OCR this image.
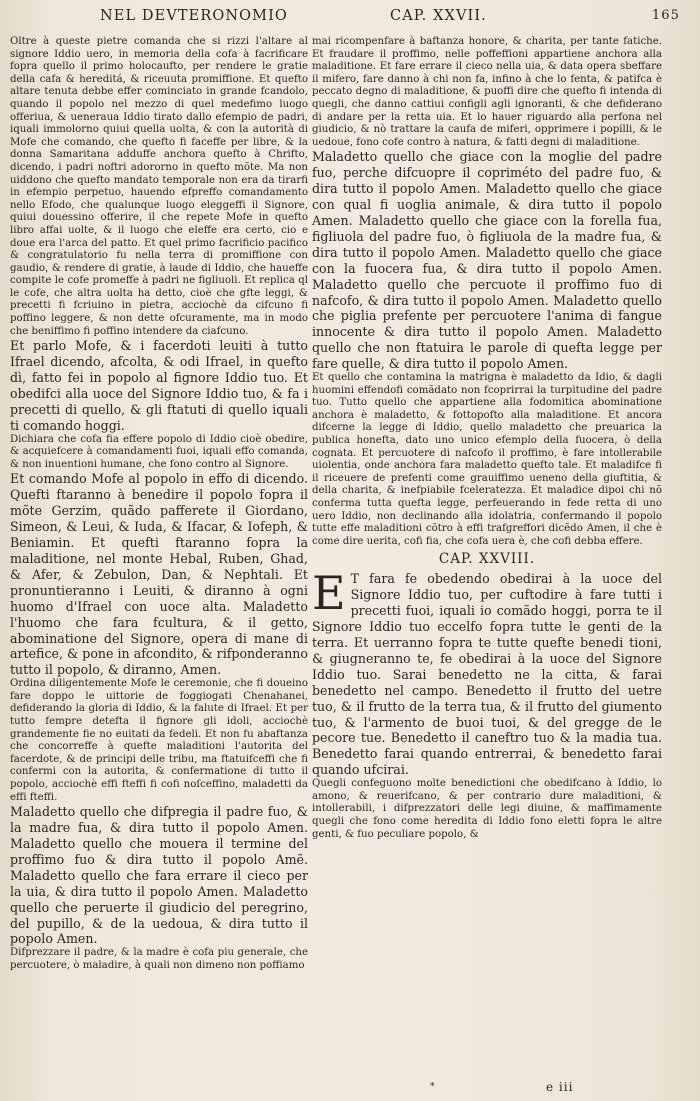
NEL DEVTERONOMIO	CAP. XXVII.	165

Oltre à queste pietre comanda che si rizzi l'altare al signore Iddio uero, in memoria della cofa à facrificare fopra quello il primo holocaufto, per rendere le gratie della cafa & hereditá, & riceuuta promiffione. Et quefto altare tenuta debbe effer cominciato in grande fcandolo, quando il popolo nel mezzo di quel medefimo luogo offeriua, & ueneraua Iddio tirato dallo efempio de padri, iquali immolorno quiui quella uolta, & con la autorità di Mofe che comando, che quefto fi faceffe per libre, & la donna Samaritana adduffe anchora quefto à Chrifto, dicendo, i padri noftri adororno in quefto mõte. Ma non uiddono che quefto mandato temporale non era da tirarfi in efempio perpetuo, hauendo efpreffo comandamento nello Efodo, che qualunque luogo eleggeffi il Signore, quiui douessino offerire, il che repete Mofe in quefto libro affai uolte, & il luogo che eleffe era certo, cio e doue era l'arca del patto. Et quel primo facrificio pacifico & congratulatorio fu nella terra di promiffione con gaudio, & rendere di gratie, à laude di Iddio, che haueffe compite le cofe promeffe à padri ne figliuoli. Et replica ql le cofe, che altra uolta ha detto, cioè che gfte leggi, & precetti fi fcriuino in pietra, acciochè da cifcuno fi poffino leggere, & non dette ofcuramente, ma in modo che beniffimo fi poffino intendere da ciafcuno.

Et parlo Mofe, & i facerdoti leuiti à tutto Ifrael dicendo, afcolta, & odi Ifrael, in quefto dì, fatto fei in popolo al fignore Iddio tuo. Et obedifci alla uoce del Signore Iddio tuo, & fa i precetti di quello, & gli ftatuti di quello iquali ti comando hoggi.

Dichiara che cofa fia effere popolo di Iddio cioè obedire, & acquiefcere à comandamenti fuoi, iquali effo comanda, & non inuentioni humane, che fono contro al Signore.

Et comando Mofe al popolo in effo di dicendo. Quefti ftaranno à benedire il popolo fopra il mõte Gerzim, quãdo pafferete il Giordano, Simeon, & Leui, & Iuda, & Ifacar, & Iofeph, & Beniamin. Et quefti ftaranno fopra la maladitione, nel monte Hebal, Ruben, Ghad, & Afer, & Zebulon, Dan, & Nephtali. Et pronuntieranno i Leuiti, & diranno à ogni huomo d'Ifrael con uoce alta. Maladetto l'huomo che fara fcultura, & il getto, abominatione del Signore, opera di mane di artefice, & pone in afcondito, & rifponderanno tutto il popolo, & diranno, Amen.

Ordina diligentemente Mofe le ceremonie, che fi doueino fare doppo le uittorie de foggiogati Chenahanei, defiderando la gloria di Iddio, & la falute di Ifrael. Et per tutto fempre detefta il fignore gli idoli, acciochè grandemente fie no euitati da fedeli. Et non fu abaftanza che concorreffe à quefte maladitioni l'autorita del facerdote, & de principi delle tribu, ma ftatuifceffi che fi confermi con la autorita, & confermatione di tutto il popolo, acciochè effi fteffi fi cofi noſceffino, maladetti da effi fteffi.

Maladetto quello che difpregia il padre fuo, & la madre fua, & dira tutto il popolo Amen. Maladetto quello che mouera il termine del proffimo fuo & dira tutto il popolo Amẽ. Maladetto quello che fara errare il cieco per la uia, & dira tutto il popolo Amen. Maladetto quello che peruerte il giudicio del peregrino, del pupillo, & de la uedoua, & dira tutto il popolo Amen.

Difprezzare il padre, & la madre è cofa piu generale, che percuotere, ò maladire, à quali non dimeno non poffiamo

mai ricompenfare à baftanza honore, & charita, per tante fatiche. Et fraudare il proffimo, nelle poffeffioni appartiene anchora alla maladitione. Et fare errare il cieco nella uia, & data opera sbeffare il mifero, fare danno à chi non fa, infino à che lo fenta, & patifca è peccato degno di maladitione, & puoffi dire che quefto fi intenda di quegli, che danno cattiui configli agli ignoranti, & che defiderano di andare per la retta uia. Et lo hauer riguardo alla perfona nel giudicio, & nò trattare la caufa de miferi, opprimere i popilli, & le uedoue, fono cofe contro à natura, & fatti degni di maladitione.

Maladetto quello che giace con la moglie del padre fuo, perche difcuopre il copriméto del padre fuo, & dira tutto il popolo Amen. Maladetto quello che giace con qual fi uoglia animale, & dira tutto il popolo Amen. Maladetto quello che giace con la forella fua, figliuola del padre fuo, ò figliuola de la madre fua, & dira tutto il popolo Amen. Maladetto quello che giace con la fuocera fua, & dira tutto il popolo Amen. Maladetto quello che percuote il proffimo fuo di nafcofo, & dira tutto il popolo Amen. Maladetto quello che piglia prefente per percuotere l'anima di fangue innocente & dira tutto il popolo Amen. Maladetto quello che non ftatuira le parole di quefta legge per fare quelle, & dira tutto il popolo Amen.

Et quello che contamina la matrigna è maladetto da Idio, & dagli huomini effendofi comãdato non fcoprirrai la turpitudine del padre tuo. Tutto quello che appartiene alla fodomitica abominatione anchora è maladetto, & fottopofto alla maladitione. Et ancora difcerne la legge di Iddio, quello maladetto che preuarica la publica honefta, dato uno unico efemplo della fuocera, ò della cognata. Et percuotere di nafcofo il proffimo, è fare intollerabile uiolentia, onde anchora fara maladetto quefto tale. Et maladifce fi il riceuere de prefenti come grauiffimo ueneno della giuftitia, & della charita, & inefpiabile fceleratezza. Et maladice dipoi chi nõ conferma tutta quefta legge, perfeuerando in fede retta di uno uero Iddio, non declinando alla idolatria, confermando il popolo tutte effe maladitioni cõtro à effi trafgreffori dicẽdo Amen, il che è come dire uerita, cofi fia, che cofa uera è, che cofi debba effere.

CAP. XXVIII.
E T fara fe obedendo obedirai à la uoce del Signore Iddio tuo, per cuftodire à fare tutti i precetti fuoi, iquali io comãdo hoggi, porra te il Signore Iddio tuo eccelfo fopra tutte le genti de la terra. Et uerranno fopra te tutte quefte benedi tioni, & giugneranno te, fe obedirai à la uoce del Signore Iddio tuo. Sarai benedetto ne la citta, & farai benedetto nel campo. Benedetto il frutto del uetre tuo, & il frutto de la terra tua, & il frutto del giumento tuo, & l'armento de buoi tuoi, & del gregge de le pecore tue. Benedetto il caneftro tuo & la madia tua. Benedetto farai quando entrerrai, & benedetto farai quando ufcirai.

Quegli confeguono molte benedictioni che obedifcano à Iddio, lo amono, & reuerifcano, & per contrario dure maladitioni, & intollerabili, i difprezzatori delle legi diuine, & maffimamente quegli che fono come heredita di Iddio fono eletti fopra le altre genti, & fuo peculiare popolo, &

*	e iii
